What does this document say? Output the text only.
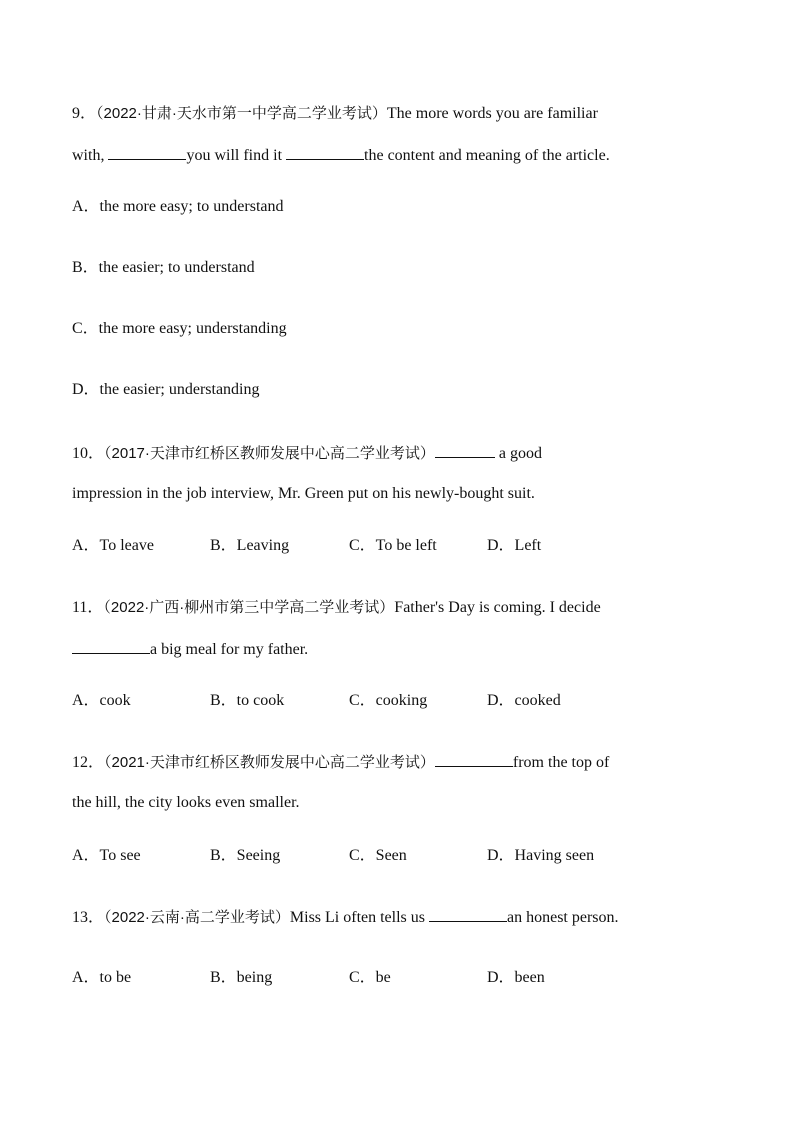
9．（2022·甘肃·天水市第一中学高二学业考试）The more words you are familiar
with,	you will find it	the content and meaning of the article.
A．the more easy; to understand
B．the easier; to understand
C．the more easy; understanding
D．the easier; understanding
10．（2017·天津市红桥区教师发展中心高二学业考试）	a good
impression in the job interview, Mr. Green put on his newly-bought suit.
A．To leave	B．Leaving	C．To be left	D．Left
11．（2022·广西·柳州市第三中学高二学业考试）Father's Day is coming. I decide
a big meal for my father.
A．cook	B．to cook	C．cooking	D．cooked
12．（2021·天津市红桥区教师发展中心高二学业考试）	from the top of
the hill, the city looks even smaller.
A．To see	B．Seeing	C．Seen	D．Having seen
13．（2022·云南·高二学业考试）Miss Li often tells us	an honest person.
A．to be	B．being	C．be	D．been
